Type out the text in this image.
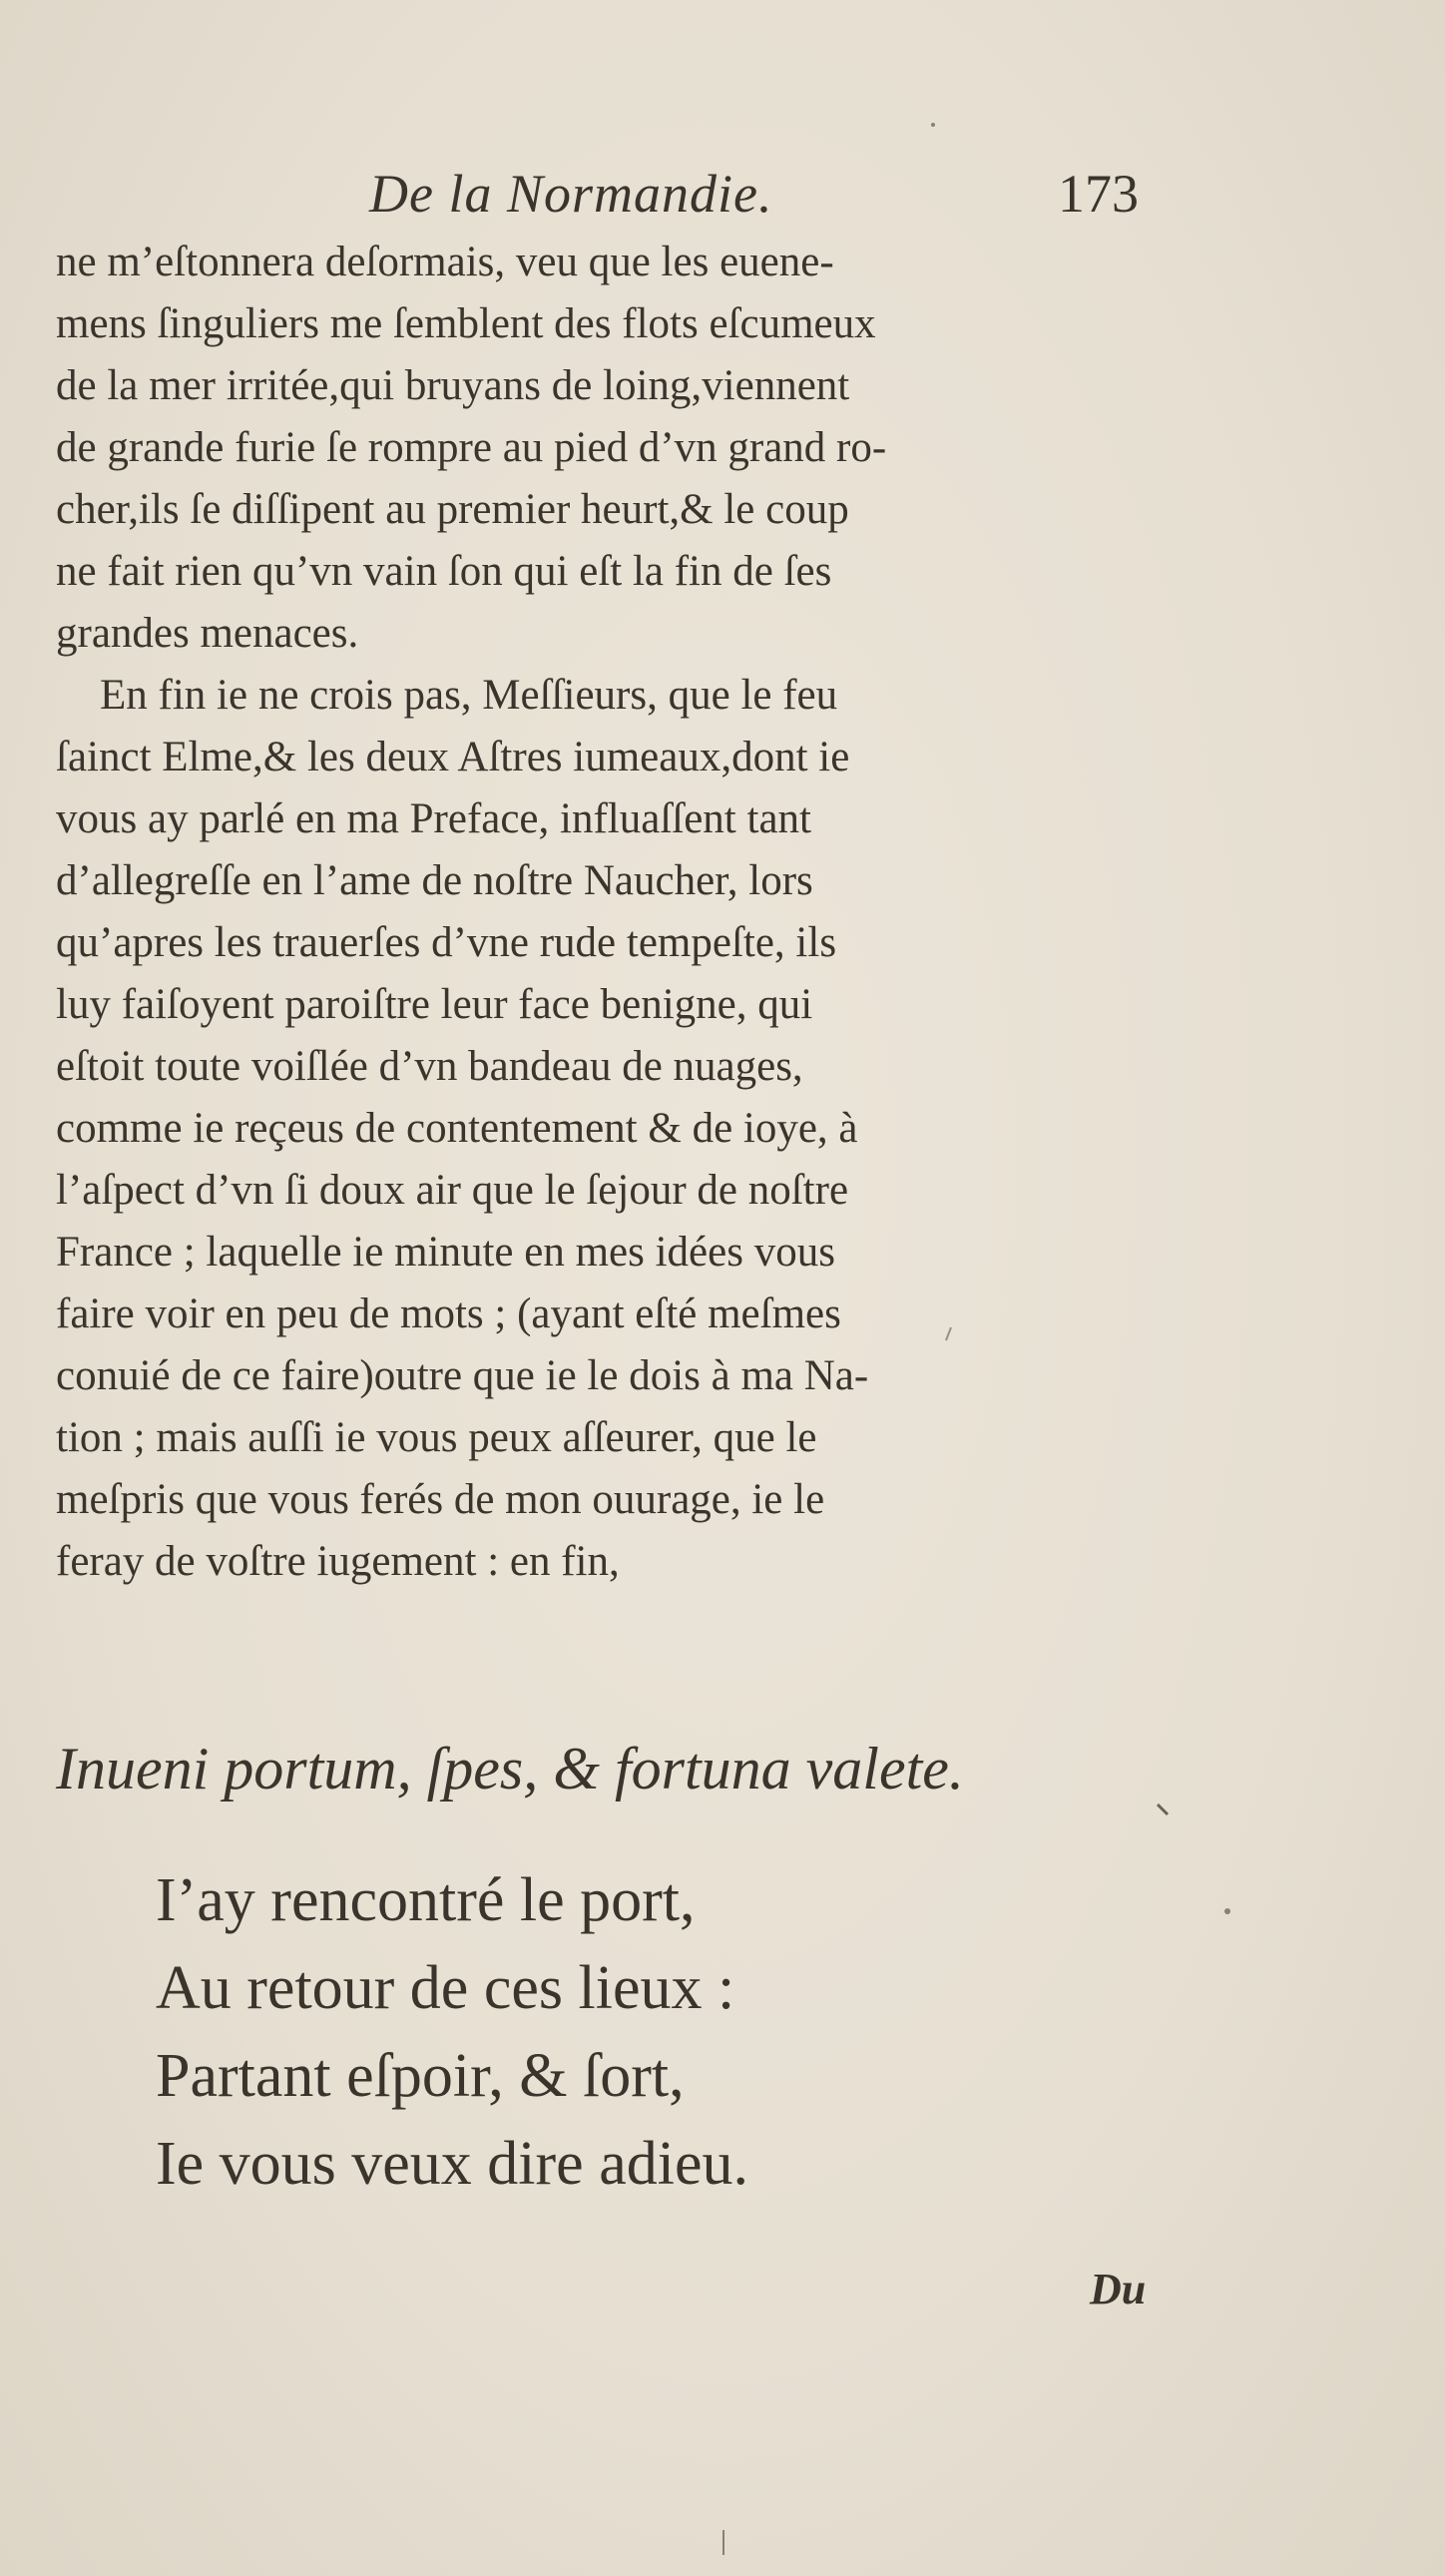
De la Normandie.	173
ne m’eſtonnera deſormais, veu que les euene-
mens ſinguliers me ſemblent des flots eſcumeux
de la mer irritée,qui bruyans de loing,viennent
de grande furie ſe rompre au pied d’vn grand ro-
cher,ils ſe diſſipent au premier heurt,& le coup
ne fait rien qu’vn vain ſon qui eſt la fin de ſes
grandes menaces.
En fin ie ne crois pas, Meſſieurs, que le feu
ſainct Elme,& les deux Aſtres iumeaux,dont ie
vous ay parlé en ma Preface, influaſſent tant
d’allegreſſe en l’ame de noſtre Naucher, lors
qu’apres les trauerſes d’vne rude tempeſte, ils
luy faiſoyent paroiſtre leur face benigne, qui
eſtoit toute voiſlée d’vn bandeau de nuages,
comme ie reçeus de contentement & de ioye, à
l’aſpect d’vn ſi doux air que le ſejour de noſtre
France ; laquelle ie minute en mes idées vous
faire voir en peu de mots ; (ayant eſté meſmes
conuié de ce faire)outre que ie le dois à ma Na-
tion ; mais auſſi ie vous peux aſſeurer, que le
meſpris que vous ferés de mon ouurage, ie le
feray de voſtre iugement : en fin,
Inueni portum, ſpes, & fortuna valete.
I’ay rencontré le port,
Au retour de ces lieux :
Partant eſpoir, & ſort,
Ie vous veux dire adieu.
Du
